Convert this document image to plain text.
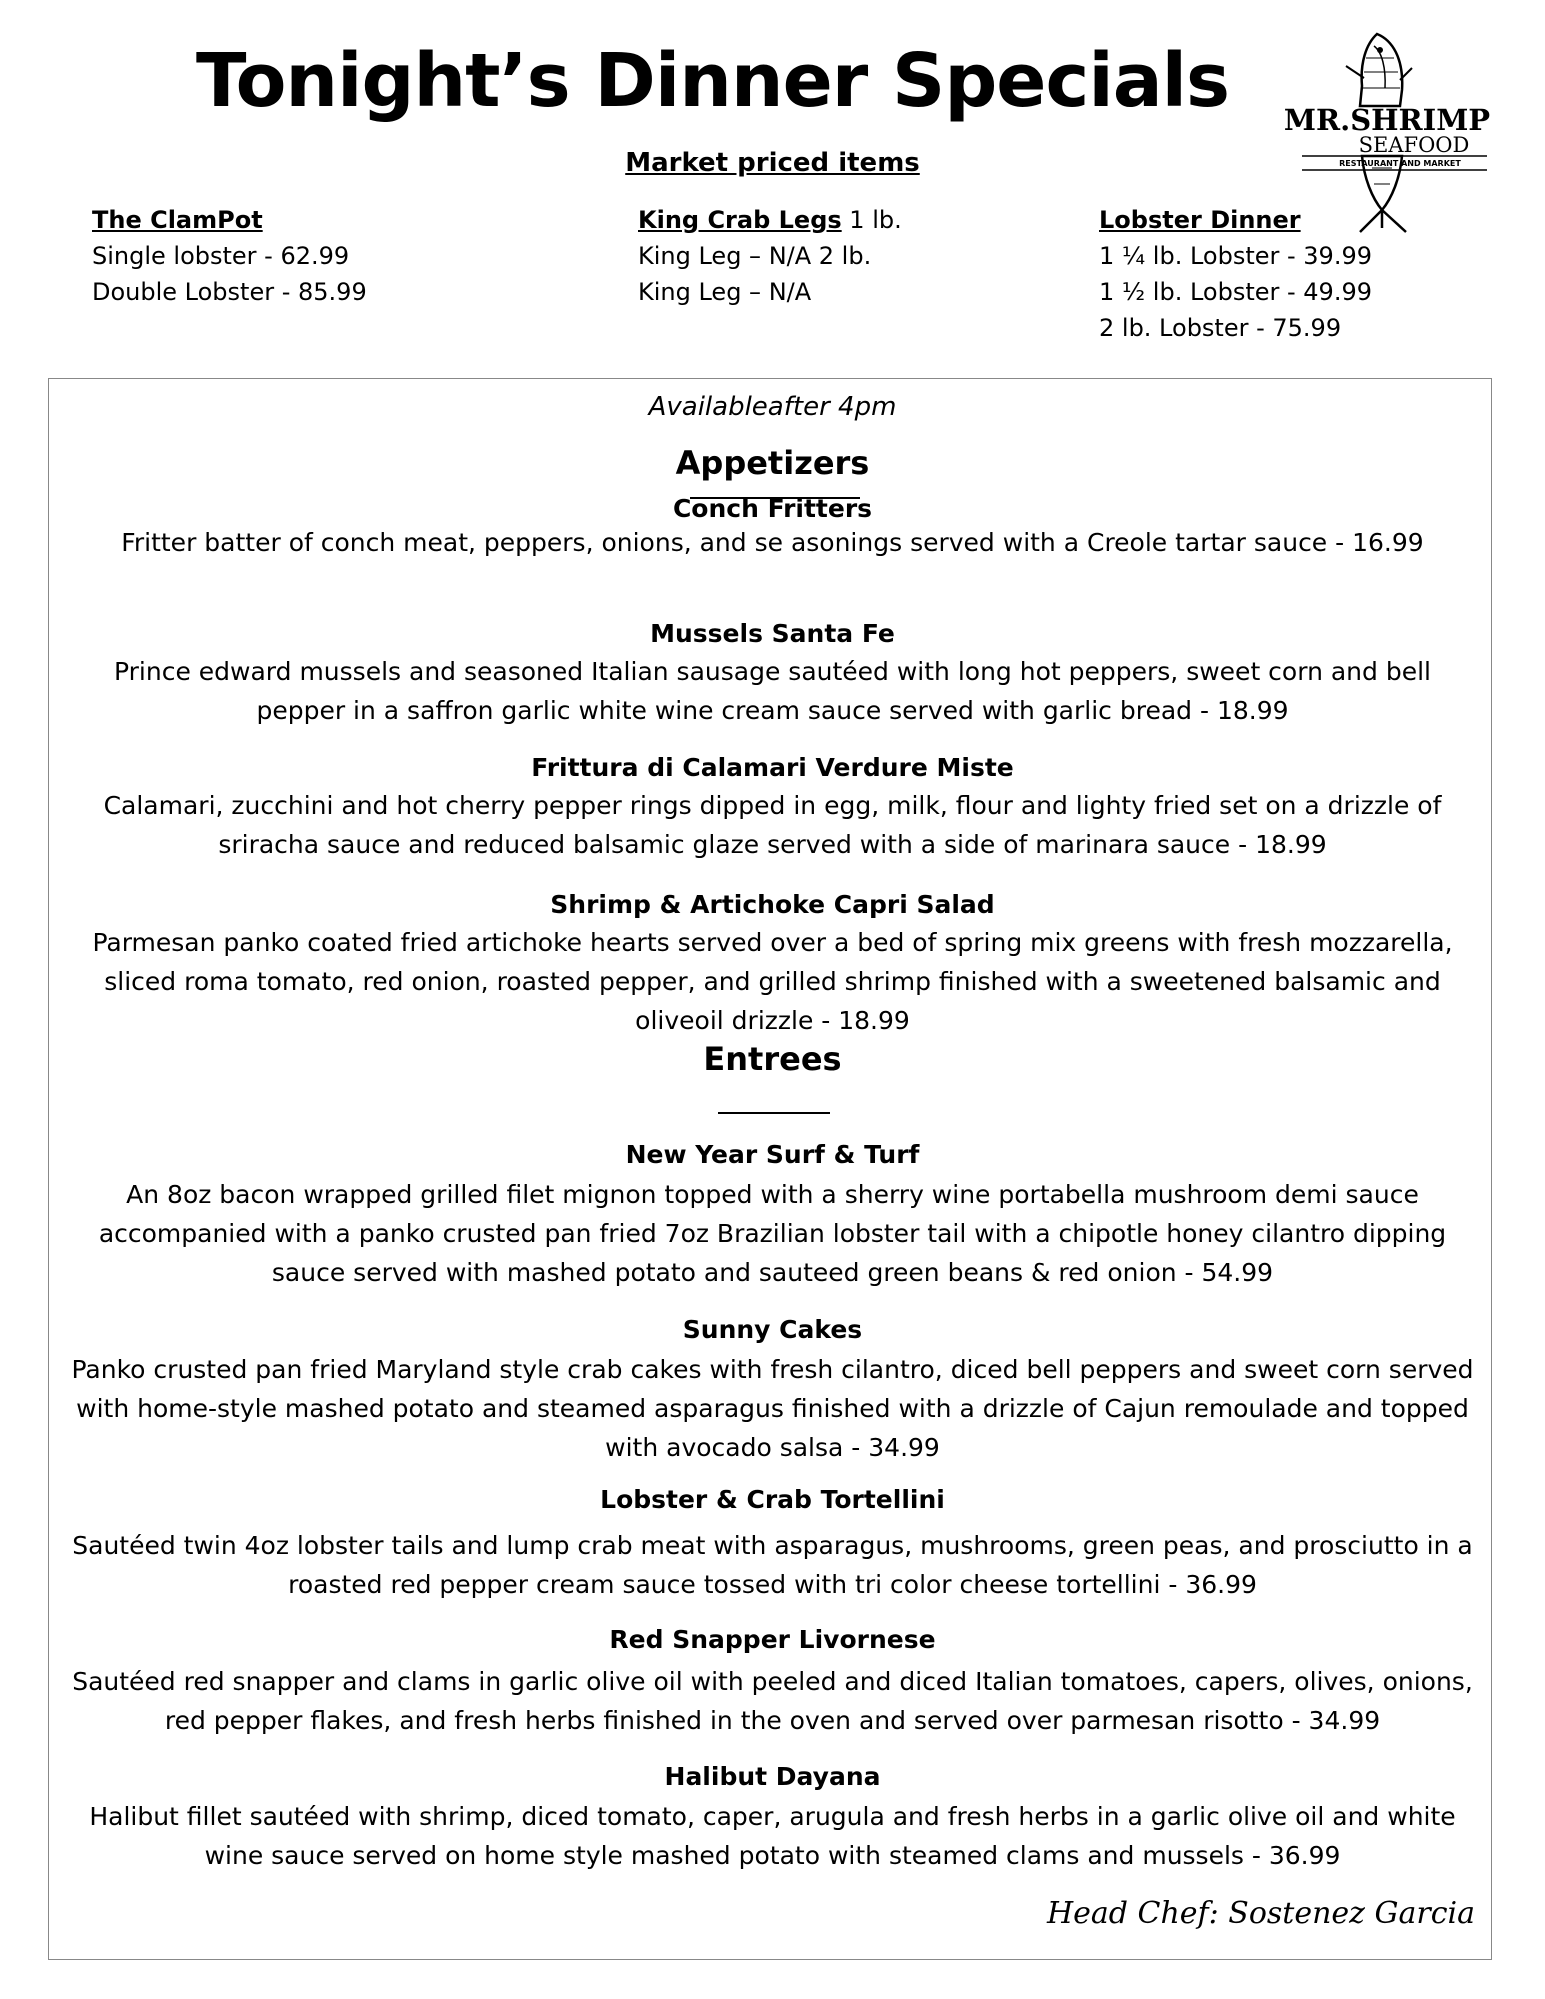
Tonight’s Dinner Specials	MR.SHRIMP
SEAFOOD
RESTAURANT AND MARKET
Market priced items
The ClamPot
Single lobster - 62.99
Double Lobster - 85.99
King Crab Legs 1 lb.
King Leg – N/A 2 lb.
King Leg – N/A
Lobster Dinner
1 ¼ lb. Lobster - 39.99
1 ½ lb. Lobster - 49.99
2 lb. Lobster - 75.99
Availableafter 4pm
Appetizers
Conch Fritters
Fritter batter of conch meat, peppers, onions, and se asonings served with a Creole tartar sauce - 16.99
Mussels Santa Fe
Prince edward mussels and seasoned Italian sausage sautéed with long hot peppers, sweet corn and bell pepper in a saffron garlic white wine cream sauce served with garlic bread - 18.99
Frittura di Calamari Verdure Miste
Calamari, zucchini and hot cherry pepper rings dipped in egg, milk, flour and lighty fried set on a drizzle of sriracha sauce and reduced balsamic glaze served with a side of marinara sauce - 18.99
Shrimp & Artichoke Capri Salad
Parmesan panko coated fried artichoke hearts served over a bed of spring mix greens with fresh mozzarella, sliced roma tomato, red onion, roasted pepper, and grilled shrimp finished with a sweetened balsamic and oliveoil drizzle - 18.99
Entrees
New Year Surf & Turf
An 8oz bacon wrapped grilled filet mignon topped with a sherry wine portabella mushroom demi sauce accompanied with a panko crusted pan fried 7oz Brazilian lobster tail with a chipotle honey cilantro dipping sauce served with mashed potato and sauteed green beans & red onion - 54.99
Sunny Cakes
Panko crusted pan fried Maryland style crab cakes with fresh cilantro, diced bell peppers and sweet corn served with home-style mashed potato and steamed asparagus finished with a drizzle of Cajun remoulade and topped with avocado salsa - 34.99
Lobster & Crab Tortellini
Sautéed twin 4oz lobster tails and lump crab meat with asparagus, mushrooms, green peas, and prosciutto in a roasted red pepper cream sauce tossed with tri color cheese tortellini - 36.99
Red Snapper Livornese
Sautéed red snapper and clams in garlic olive oil with peeled and diced Italian tomatoes, capers, olives, onions, red pepper flakes, and fresh herbs finished in the oven and served over parmesan risotto - 34.99
Halibut Dayana
Halibut fillet sautéed with shrimp, diced tomato, caper, arugula and fresh herbs in a garlic olive oil and white wine sauce served on home style mashed potato with steamed clams and mussels - 36.99
Head Chef: Sostenez Garcia
